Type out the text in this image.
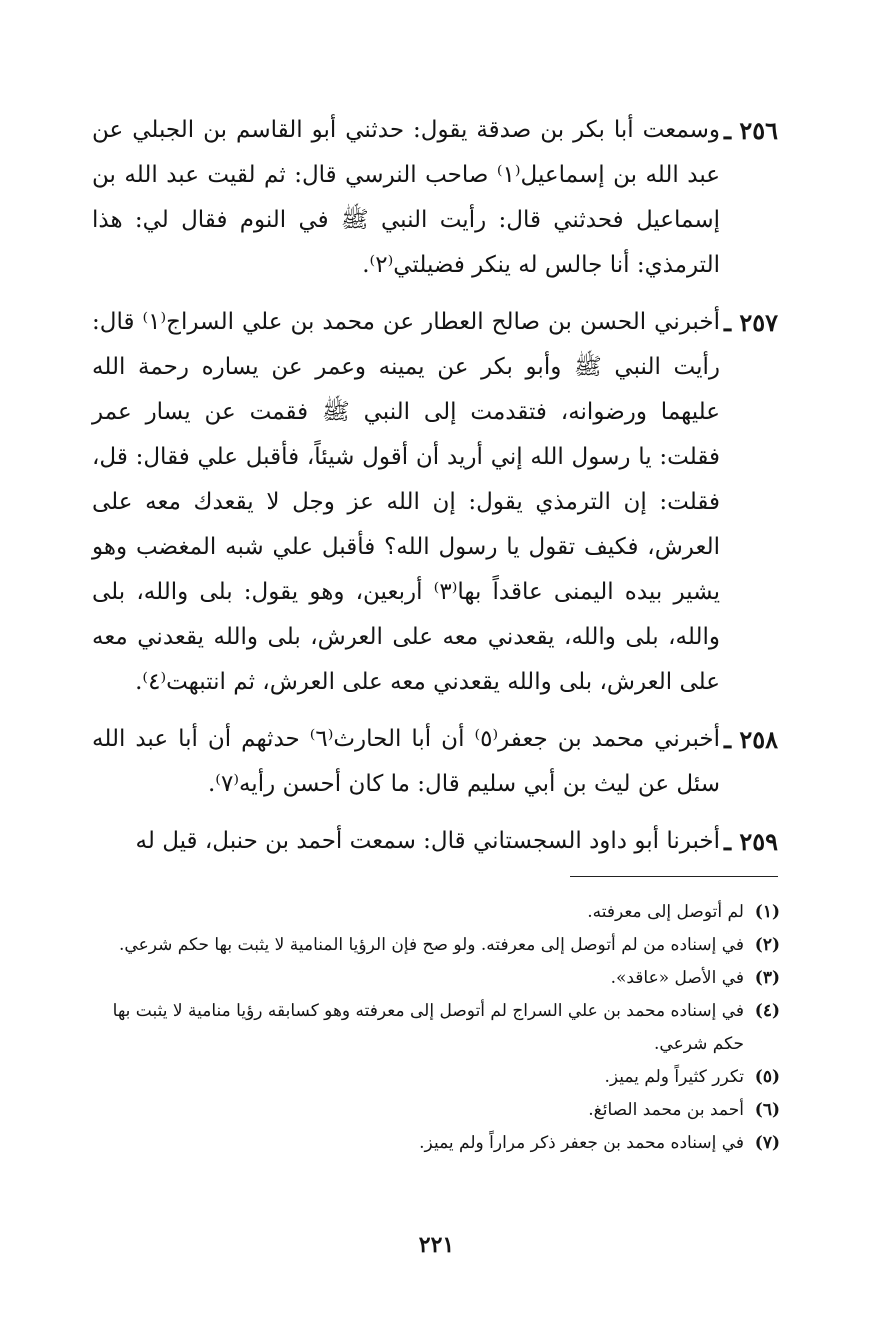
٢٥٦ ـ
وسمعت أبا بكر بن صدقة يقول: حدثني أبو القاسم بن الجبلي عن عبد الله بن إسماعيل⁽١⁾ صاحب النرسي قال: ثم لقيت عبد الله بن إسماعيل فحدثني قال: رأيت النبي ﷺ في النوم فقال لي: هذا الترمذي: أنا جالس له ينكر فضيلتي⁽٢⁾.
٢٥٧ ـ
أخبرني الحسن بن صالح العطار عن محمد بن علي السراج⁽١⁾ قال: رأيت النبي ﷺ وأبو بكر عن يمينه وعمر عن يساره رحمة الله عليهما ورضوانه، فتقدمت إلى النبي ﷺ فقمت عن يسار عمر فقلت: يا رسول الله إني أريد أن أقول شيئاً، فأقبل علي فقال: قل، فقلت: إن الترمذي يقول: إن الله عز وجل لا يقعدك معه على العرش، فكيف تقول يا رسول الله؟ فأقبل علي شبه المغضب وهو يشير بيده اليمنى عاقداً بها⁽٣⁾ أربعين، وهو يقول: بلى والله، بلى والله، بلى والله، يقعدني معه على العرش، بلى والله يقعدني معه على العرش، بلى والله يقعدني معه على العرش، ثم انتبهت⁽٤⁾.
٢٥٨ ـ
أخبرني محمد بن جعفر⁽٥⁾ أن أبا الحارث⁽٦⁾ حدثهم أن أبا عبد الله سئل عن ليث بن أبي سليم قال: ما كان أحسن رأيه⁽٧⁾.
٢٥٩ ـ
أخبرنا أبو داود السجستاني قال: سمعت أحمد بن حنبل، قيل له
(١)
لم أتوصل إلى معرفته.
(٢)
في إسناده من لم أتوصل إلى معرفته. ولو صح فإن الرؤيا المنامية لا يثبت بها حكم شرعي.
(٣)
في الأصل «عاقد».
(٤)
في إسناده محمد بن علي السراج لم أتوصل إلى معرفته وهو كسابقه رؤيا منامية لا يثبت بها حكم شرعي.
(٥)
تكرر كثيراً ولم يميز.
(٦)
أحمد بن محمد الصائغ.
(٧)
في إسناده محمد بن جعفر ذكر مراراً ولم يميز.
٢٢١
